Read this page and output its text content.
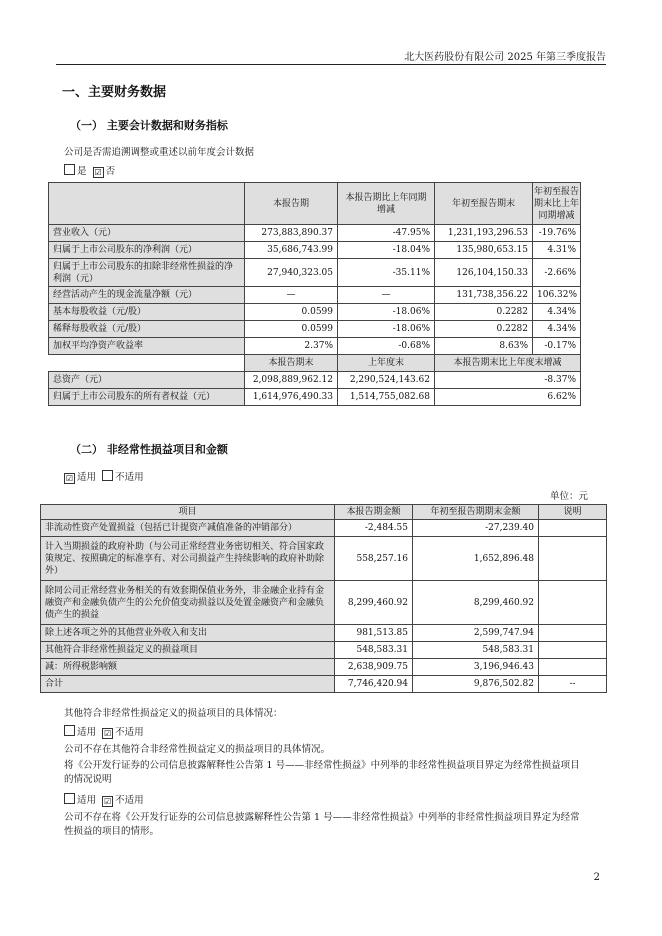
北大医药股份有限公司 2025 年第三季度报告
一、主要财务数据
（一） 主要会计数据和财务指标
公司是否需追溯调整或重述以前年度会计数据
是 ☑ 否
	本报告期	本报告期比上年同期增减	年初至报告期末	年初至报告期末比上年同期增减
营业收入（元）	273,883,890.37	-47.95%	1,231,193,296.53	-19.76%
归属于上市公司股东的净利润（元）	35,686,743.99	-18.04%	135,980,653.15	4.31%
归属于上市公司股东的扣除非经常性损益的净利润（元）	27,940,323.05	-35.11%	126,104,150.33	-2.66%
经营活动产生的现金流量净额（元）	—	—	131,738,356.22	106.32%
基本每股收益（元/股）	0.0599	-18.06%	0.2282	4.34%
稀释每股收益（元/股）	0.0599	-18.06%	0.2282	4.34%
加权平均净资产收益率	2.37%	-0.68%	8.63%	-0.17%
	本报告期末	上年度末	本报告期末比上年度末增减	
总资产（元）	2,098,889,962.12	2,290,524,143.62	-8.37%	
归属于上市公司股东的所有者权益（元）	1,614,976,490.33	1,514,755,082.68	6.62%	
（二） 非经常性损益项目和金额
☑ 适用 不适用
单位：元
项目	本报告期金额	年初至报告期期末金额	说明
非流动性资产处置损益（包括已计提资产减值准备的冲销部分）	-2,484.55	-27,239.40	
计入当期损益的政府补助（与公司正常经营业务密切相关、符合国家政策规定、按照确定的标准享有、对公司损益产生持续影响的政府补助除外）	558,257.16	1,652,896.48	
除同公司正常经营业务相关的有效套期保值业务外，非金融企业持有金融资产和金融负债产生的公允价值变动损益以及处置金融资产和金融负债产生的损益	8,299,460.92	8,299,460.92	
除上述各项之外的其他营业外收入和支出	981,513.85	2,599,747.94	
其他符合非经常性损益定义的损益项目	548,583.31	548,583.31	
减：所得税影响额	2,638,909.75	3,196,946.43	
合计	7,746,420.94	9,876,502.82	--
其他符合非经常性损益定义的损益项目的具体情况：
适用 ☑ 不适用
公司不存在其他符合非经常性损益定义的损益项目的具体情况。
将《公开发行证券的公司信息披露解释性公告第 1 号——非经常性损益》中列举的非经常性损益项目界定为经常性损益项目的情况说明
适用 ☑ 不适用
公司不存在将《公开发行证券的公司信息披露解释性公告第 1 号——非经常性损益》中列举的非经常性损益项目界定为经常性损益的项目的情形。
2
